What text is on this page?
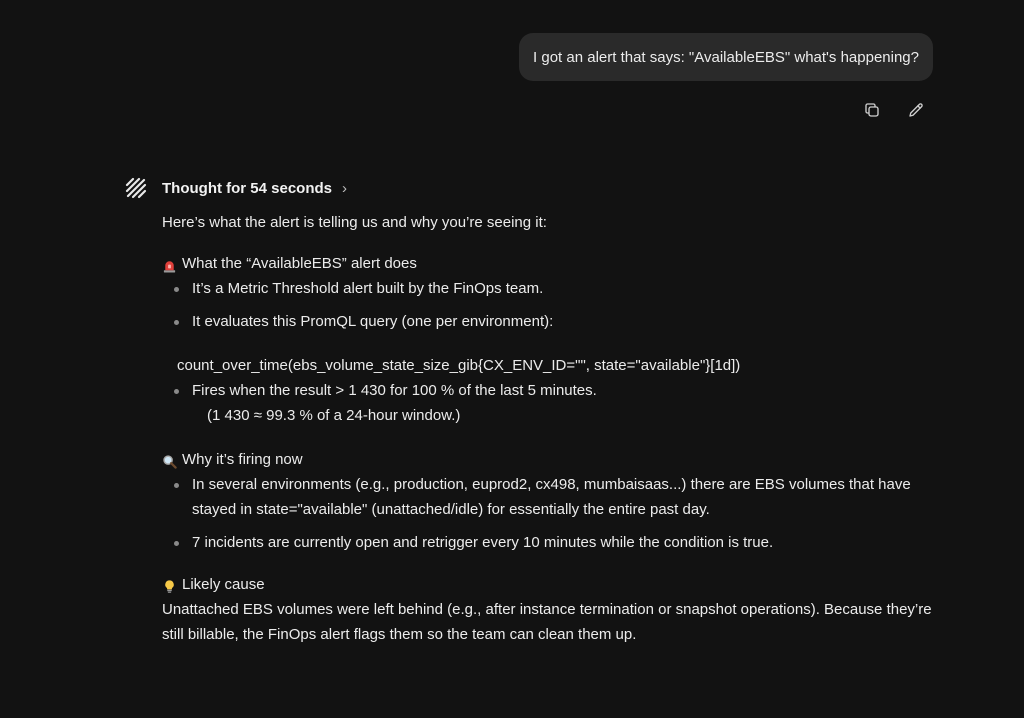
I got an alert that says: "AvailableEBS" what's happening?
Thought for 54 seconds ›

Here’s what the alert is telling us and why you’re seeing it:

What the “AvailableEBS” alert does
It’s a Metric Threshold alert built by the FinOps team.
It evaluates this PromQL query (one per environment):
count_over_time(ebs_volume_state_size_gib{CX_ENV_ID="", state="available"}[1d])
Fires when the result > 1 430 for 100 % of the last 5 minutes.
(1 430 ≈ 99.3 % of a 24-hour window.)
Why it’s firing now
In several environments (e.g., production, euprod2, cx498, mumbaisaas...) there are EBS volumes that have stayed in state="available" (unattached/idle) for essentially the entire past day.
7 incidents are currently open and retrigger every 10 minutes while the condition is true.
Likely cause

Unattached EBS volumes were left behind (e.g., after instance termination or snapshot operations). Because they’re still billable, the FinOps alert flags them so the team can clean them up.
